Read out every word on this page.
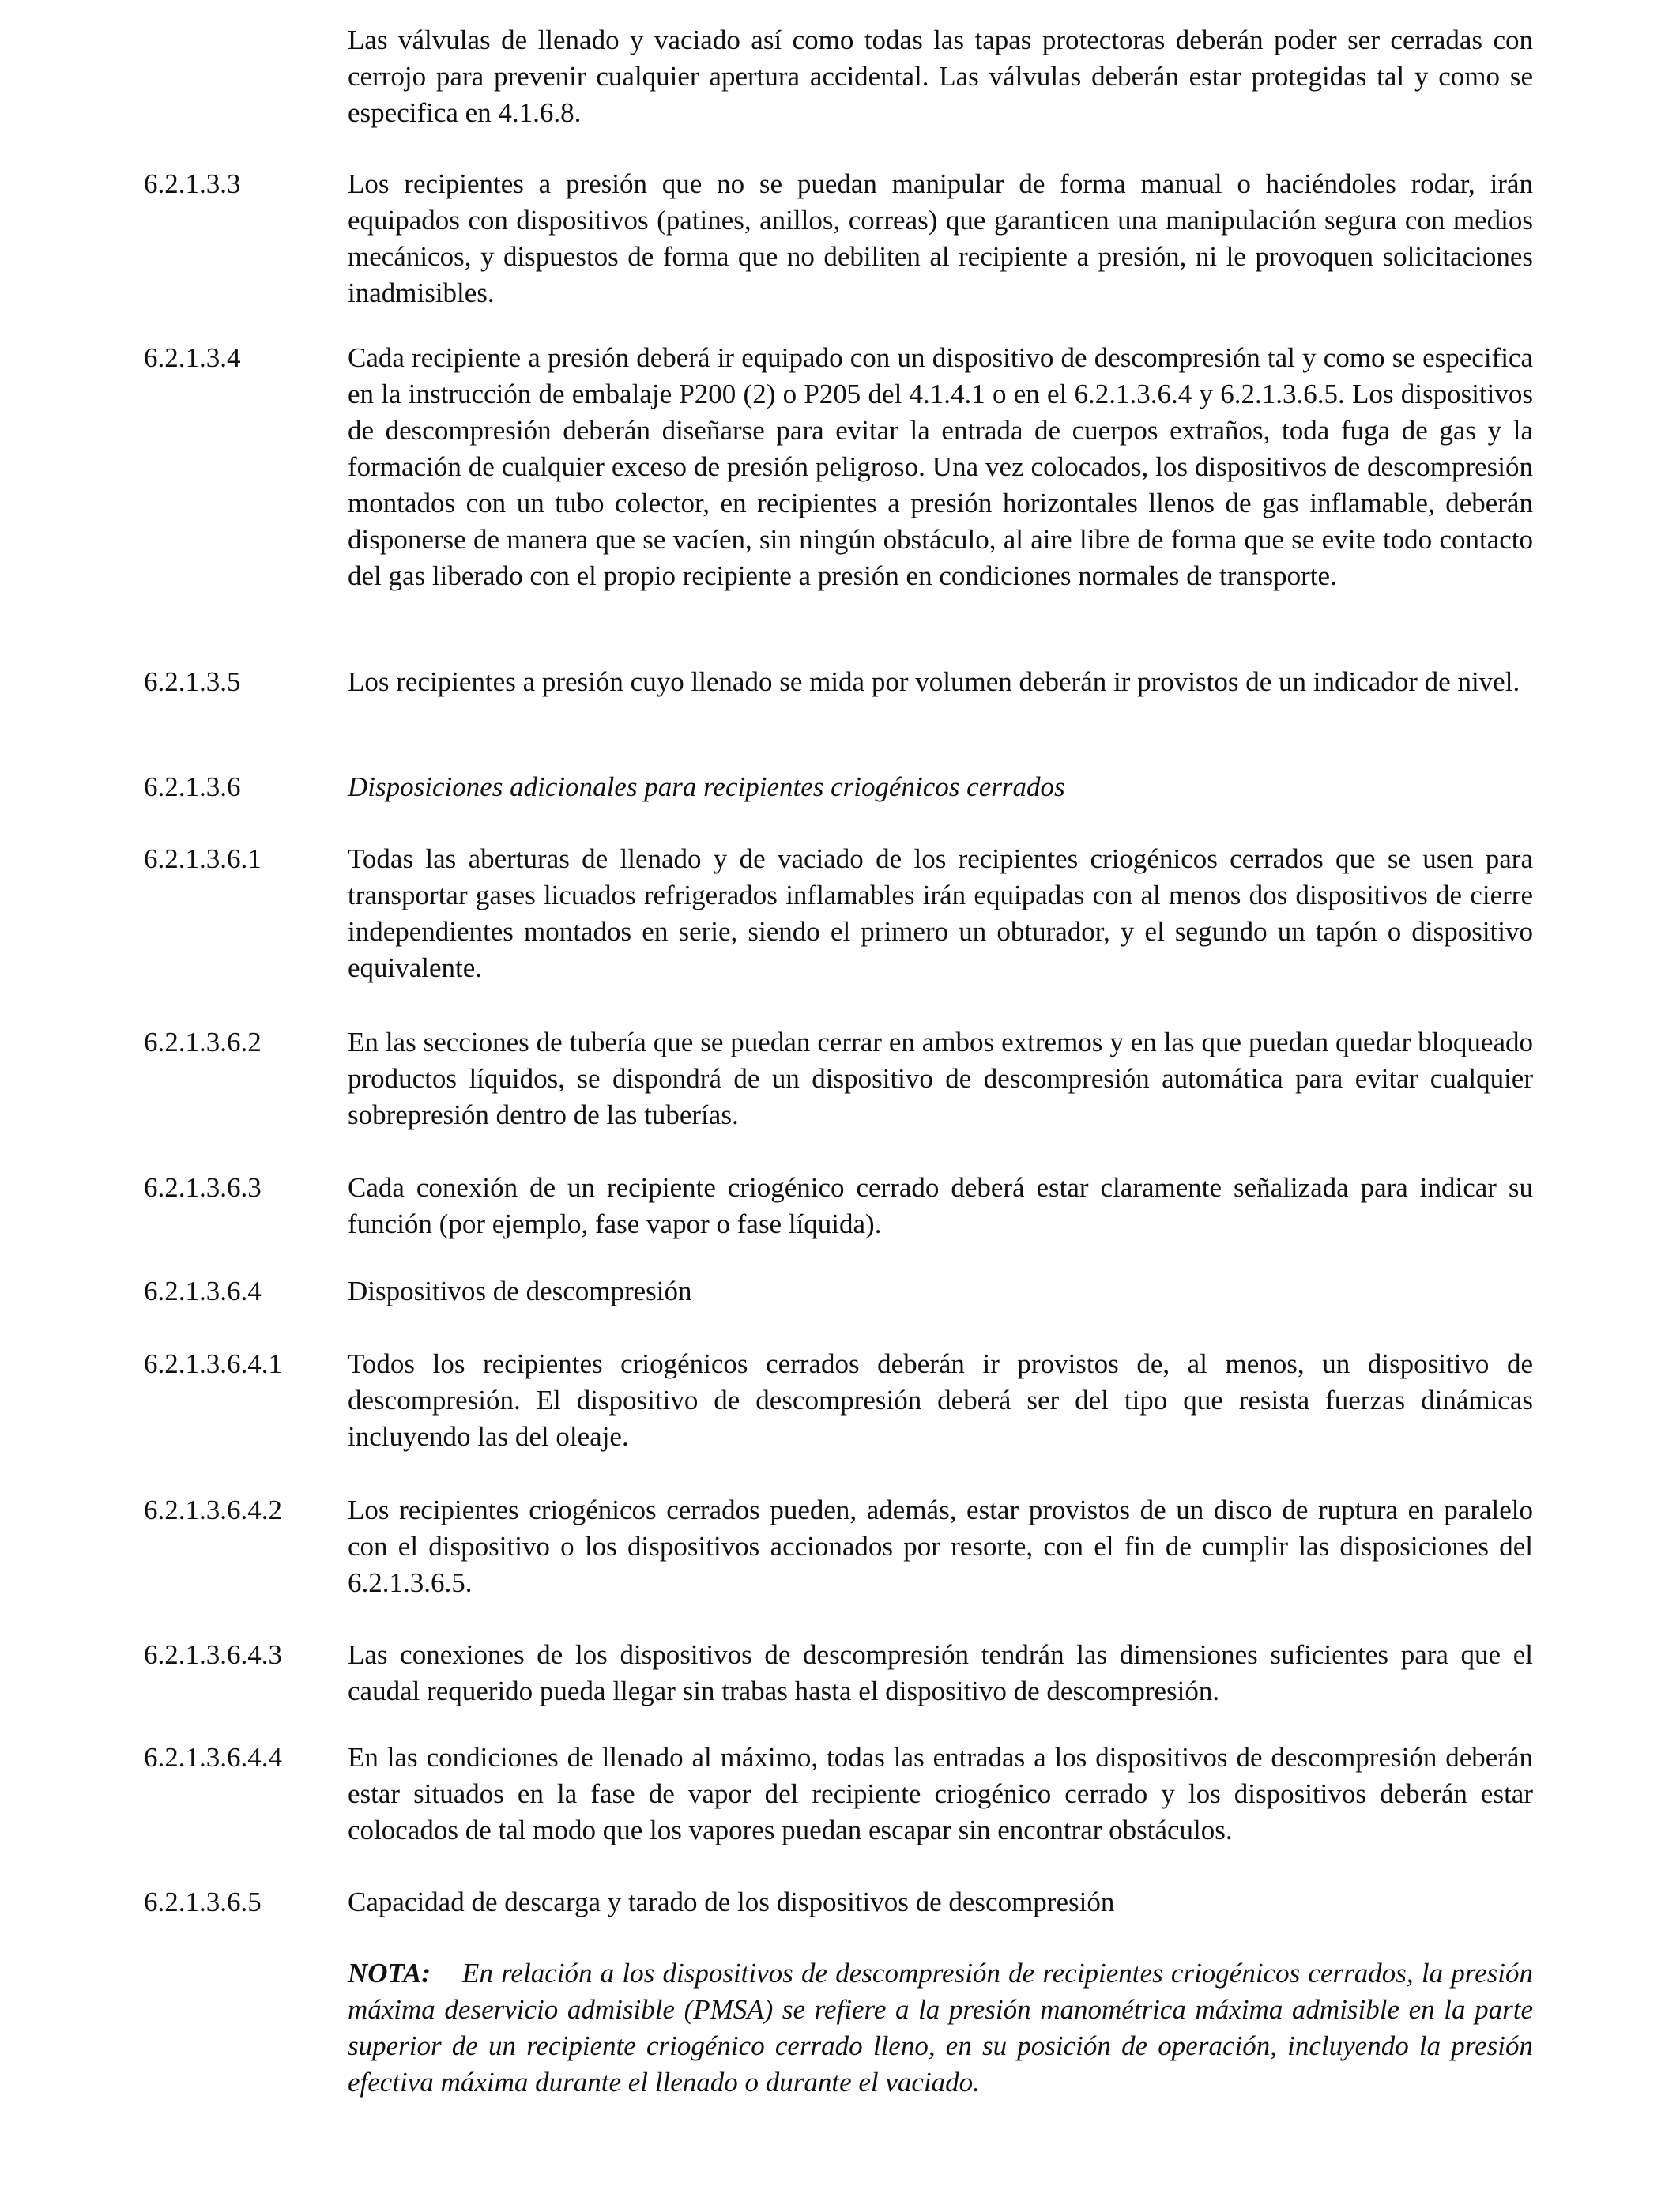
Las válvulas de llenado y vaciado así como todas las tapas protectoras deberán poder ser cerradas con cerrojo para prevenir cualquier apertura accidental. Las válvulas deberán estar protegidas tal y como se especifica en 4.1.6.8.
6.2.1.3.3	Los recipientes a presión que no se puedan manipular de forma manual o haciéndoles rodar, irán equipados con dispositivos (patines, anillos, correas) que garanticen una manipulación segura con medios mecánicos, y dispuestos de forma que no debiliten al recipiente a presión, ni le provoquen solicitaciones inadmisibles.
6.2.1.3.4	Cada recipiente a presión deberá ir equipado con un dispositivo de descompresión tal y como se especifica en la instrucción de embalaje P200 (2) o P205 del 4.1.4.1 o en el 6.2.1.3.6.4 y 6.2.1.3.6.5. Los dispositivos de descompresión deberán diseñarse para evitar la entrada de cuerpos extraños, toda fuga de gas y la formación de cualquier exceso de presión peligroso. Una vez colocados, los dispositivos de descompresión montados con un tubo colector, en recipientes a presión horizontales llenos de gas inflamable, deberán disponerse de manera que se vacíen, sin ningún obstáculo, al aire libre de forma que se evite todo contacto del gas liberado con el propio recipiente a presión en condiciones normales de transporte.
6.2.1.3.5	Los recipientes a presión cuyo llenado se mida por volumen deberán ir provistos de un indicador de nivel.
6.2.1.3.6	Disposiciones adicionales para recipientes criogénicos cerrados
6.2.1.3.6.1	Todas las aberturas de llenado y de vaciado de los recipientes criogénicos cerrados que se usen para transportar gases licuados refrigerados inflamables irán equipadas con al menos dos dispositivos de cierre independientes montados en serie, siendo el primero un obturador, y el segundo un tapón o dispositivo equivalente.
6.2.1.3.6.2	En las secciones de tubería que se puedan cerrar en ambos extremos y en las que puedan quedar bloqueado productos líquidos, se dispondrá de un dispositivo de descompresión automática para evitar cualquier sobrepresión dentro de las tuberías.
6.2.1.3.6.3	Cada conexión de un recipiente criogénico cerrado deberá estar claramente señalizada para indicar su función (por ejemplo, fase vapor o fase líquida).
6.2.1.3.6.4	Dispositivos de descompresión
6.2.1.3.6.4.1 Todos los recipientes criogénicos cerrados deberán ir provistos de, al menos, un dispositivo de descompresión. El dispositivo de descompresión deberá ser del tipo que resista fuerzas dinámicas incluyendo las del oleaje.
6.2.1.3.6.4.2 Los recipientes criogénicos cerrados pueden, además, estar provistos de un disco de ruptura en paralelo con el dispositivo o los dispositivos accionados por resorte, con el fin de cumplir las disposiciones del 6.2.1.3.6.5.
6.2.1.3.6.4.3 Las conexiones de los dispositivos de descompresión tendrán las dimensiones suficientes para que el caudal requerido pueda llegar sin trabas hasta el dispositivo de descompresión.
6.2.1.3.6.4.4 En las condiciones de llenado al máximo, todas las entradas a los dispositivos de descompresión deberán estar situados en la fase de vapor del recipiente criogénico cerrado y los dispositivos deberán estar colocados de tal modo que los vapores puedan escapar sin encontrar obstáculos.
6.2.1.3.6.5	Capacidad de descarga y tarado de los dispositivos de descompresión
NOTA: En relación a los dispositivos de descompresión de recipientes criogénicos cerrados, la presión máxima deservicio admisible (PMSA) se refiere a la presión manométrica máxima admisible en la parte superior de un recipiente criogénico cerrado lleno, en su posición de operación, incluyendo la presión efectiva máxima durante el llenado o durante el vaciado.
